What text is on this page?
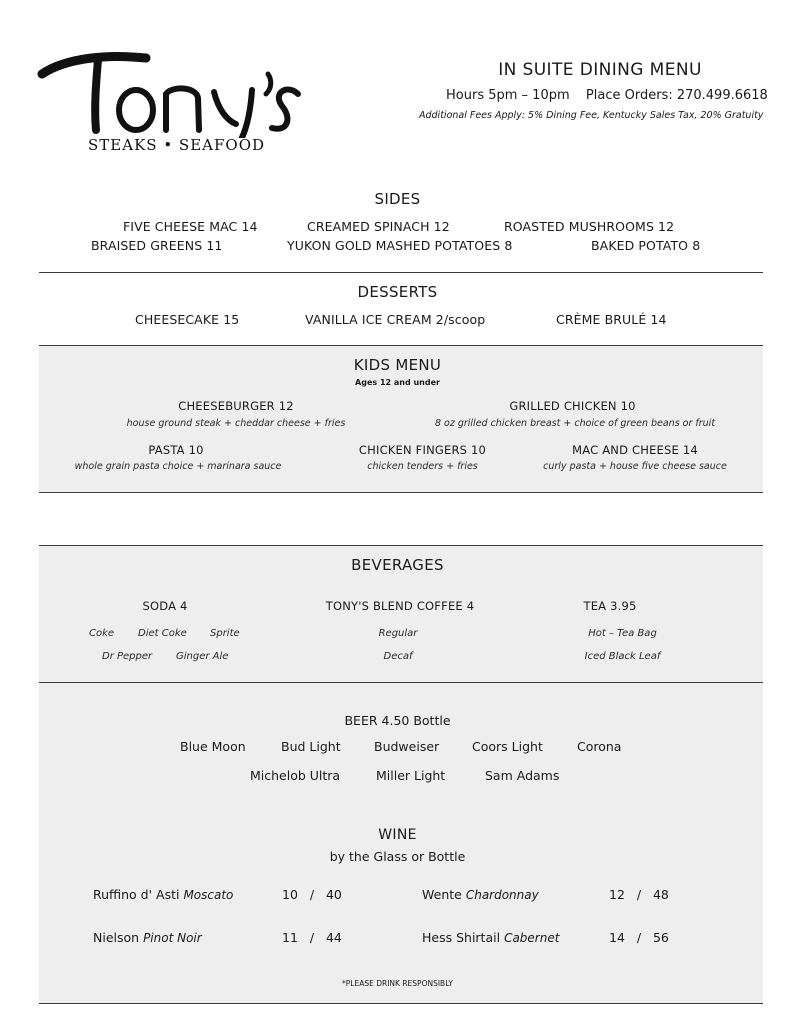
STEAKS • SEAFOOD
IN SUITE DINING MENU
Hours 5pm – 10pm Place Orders: 270.499.6618
Additional Fees Apply: 5% Dining Fee, Kentucky Sales Tax, 20% Gratuity
SIDES
FIVE CHEESE MAC 14	CREAMED SPINACH 12	ROASTED MUSHROOMS 12
BRAISED GREENS 11	YUKON GOLD MASHED POTATOES 8	BAKED POTATO 8
DESSERTS
CHEESECAKE 15	VANILLA ICE CREAM 2/scoop	CRÈME BRULÉ 14
KIDS MENU
Ages 12 and under
CHEESEBURGER 12
house ground steak + cheddar cheese + fries
GRILLED CHICKEN 10
8 oz grilled chicken breast + choice of green beans or fruit
PASTA 10
whole grain pasta choice + marinara sauce
CHICKEN FINGERS 10
chicken tenders + fries
MAC AND CHEESE 14
curly pasta + house five cheese sauce
BEVERAGES
SODA 4
Coke Diet Coke Sprite
Dr Pepper Ginger Ale
TONY'S BLEND COFFEE 4
Regular
Decaf
TEA 3.95
Hot – Tea Bag
Iced Black Leaf
BEER 4.50 Bottle
Blue Moon	Bud Light	Budweiser	Coors Light	Corona
Michelob Ultra	Miller Light	Sam Adams
WINE
by the Glass or Bottle
Ruffino d' Asti Moscato	10   /   40	Wente Chardonnay	12   /   48
Nielson Pinot Noir	11   /   44	Hess Shirtail Cabernet	14   /   56
*PLEASE DRINK RESPONSIBLY
